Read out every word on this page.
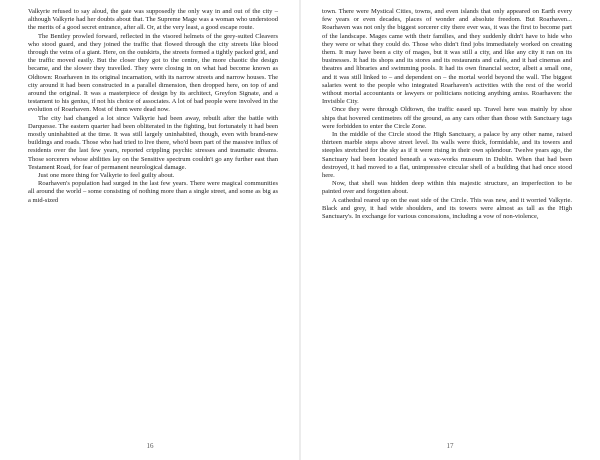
Valkyrie refused to say aloud, the gate was supposedly the only way in and out of the city – although Valkyrie had her doubts about that. The Supreme Mage was a woman who understood the merits of a good secret entrance, after all. Or, at the very least, a good escape route.

The Bentley prowled forward, reflected in the visored helmets of the grey-suited Cleavers who stood guard, and they joined the traffic that flowed through the city streets like blood through the veins of a giant. Here, on the outskirts, the streets formed a tightly packed grid, and the traffic moved easily. But the closer they got to the centre, the more chaotic the design became, and the slower they travelled. They were closing in on what had become known as Oldtown: Roarhaven in its original incarnation, with its narrow streets and narrow houses. The city around it had been constructed in a parallel dimension, then dropped here, on top of and around the original. It was a masterpiece of design by its architect, Greyfon Signate, and a testament to his genius, if not his choice of associates. A lot of bad people were involved in the evolution of Roarhaven. Most of them were dead now.

The city had changed a lot since Valkyrie had been away, rebuilt after the battle with Darquesse. The eastern quarter had been obliterated in the fighting, but fortunately it had been mostly uninhabited at the time. It was still largely uninhabited, though, even with brand-new buildings and roads. Those who had tried to live there, who'd been part of the massive influx of residents over the last few years, reported crippling psychic stresses and traumatic dreams. Those sorcerers whose abilities lay on the Sensitive spectrum couldn't go any further east than Testament Road, for fear of permanent neurological damage.

Just one more thing for Valkyrie to feel guilty about.

Roarhaven's population had surged in the last few years. There were magical communities all around the world – some consisting of nothing more than a single street, and some as big as a mid-sized

16

town. There were Mystical Cities, towns, and even islands that only appeared on Earth every few years or even decades, places of wonder and absolute freedom. But Roarhaven... Roarhaven was not only the biggest sorcerer city there ever was, it was the first to become part of the landscape. Mages came with their families, and they suddenly didn't have to hide who they were or what they could do. Those who didn't find jobs immediately worked on creating them. It may have been a city of mages, but it was still a city, and like any city it ran on its businesses. It had its shops and its stores and its restaurants and cafés, and it had cinemas and theatres and libraries and swimming pools. It had its own financial sector, albeit a small one, and it was still linked to – and dependent on – the mortal world beyond the wall. The biggest salaries went to the people who integrated Roarhaven's activities with the rest of the world without mortal accountants or lawyers or politicians noticing anything amiss. Roarhaven: the Invisible City.

Once they were through Oldtown, the traffic eased up. Travel here was mainly by shoe ships that hovered centimetres off the ground, as any cars other than those with Sanctuary tags were forbidden to enter the Circle Zone.

In the middle of the Circle stood the High Sanctuary, a palace by any other name, raised thirteen marble steps above street level. Its walls were thick, formidable, and its towers and steeples stretched for the sky as if it were rising in their own splendour. Twelve years ago, the Sanctuary had been located beneath a wax-works museum in Dublin. When that had been destroyed, it had moved to a flat, unimpressive circular shell of a building that had once stood here.

Now, that shell was hidden deep within this majestic structure, an imperfection to be painted over and forgotten about.

A cathedral reared up on the east side of the Circle. This was new, and it worried Valkyrie. Black and grey, it had wide shoulders, and its towers were almost as tall as the High Sanctuary's. In exchange for various concessions, including a vow of non-violence,

17
